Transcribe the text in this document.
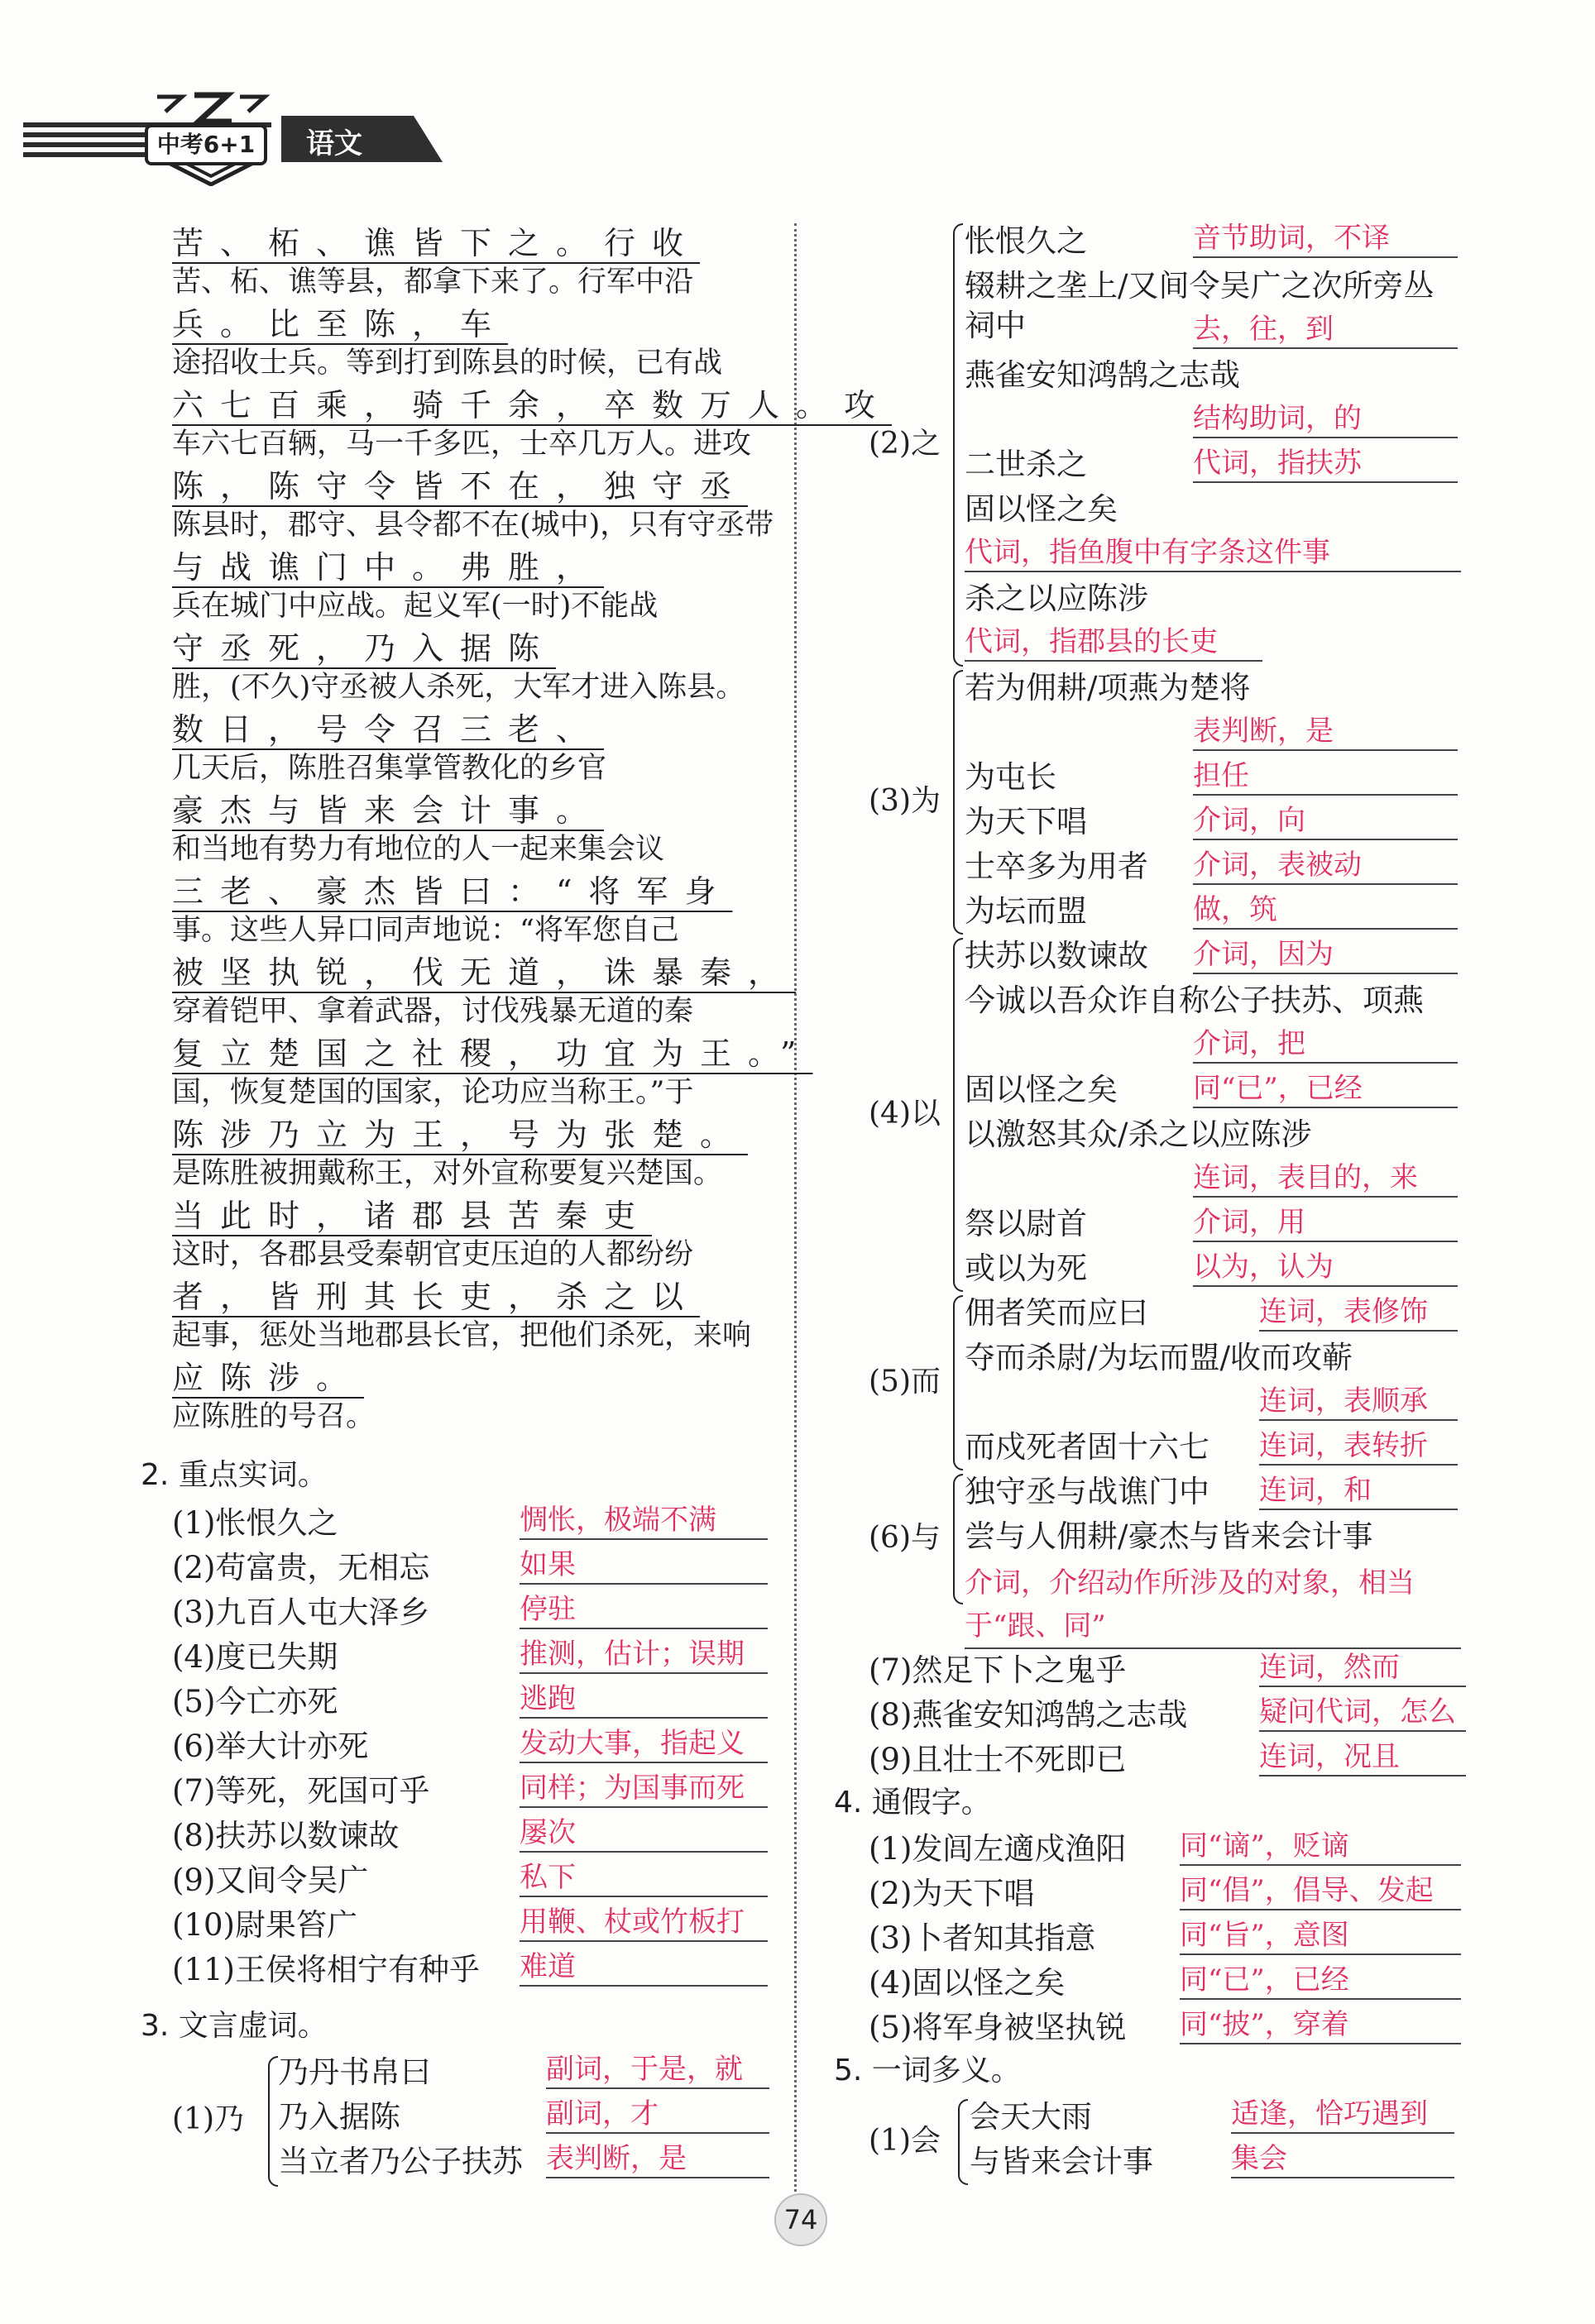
中考6+1	语文
苦、柘、谯皆下之。行收
苦、柘、谯等县，都拿下来了。行军中沿
兵。比至陈，车
途招收士兵。等到打到陈县的时候，已有战
六七百乘，骑千余，卒数万人。攻
车六七百辆，马一千多匹，士卒几万人。进攻
陈，陈守令皆不在，独守丞
陈县时，郡守、县令都不在(城中)，只有守丞带
与战谯门中。弗胜，
兵在城门中应战。起义军(一时)不能战
守丞死，乃入据陈
胜，(不久)守丞被人杀死，大军才进入陈县。
数日，号令召三老、
几天后，陈胜召集掌管教化的乡官
豪杰与皆来会计事。
和当地有势力有地位的人一起来集会议
三老、豪杰皆曰：“将军身
事。这些人异口同声地说：“将军您自己
被坚执锐，伐无道，诛暴秦，
穿着铠甲、拿着武器，讨伐残暴无道的秦
复立楚国之社稷，功宜为王。”
国，恢复楚国的国家，论功应当称王。”于
陈涉乃立为王，号为张楚。
是陈胜被拥戴称王，对外宣称要复兴楚国。
当此时，诸郡县苦秦吏
这时，各郡县受秦朝官吏压迫的人都纷纷
者，皆刑其长吏，杀之以
起事，惩处当地郡县长官，把他们杀死，来响
应陈涉。
应陈胜的号召。
2. 重点实词。
(1)怅恨久之	惆怅，极端不满
(2)苟富贵，无相忘	如果
(3)九百人屯大泽乡	停驻
(4)度已失期	推测，估计；误期
(5)今亡亦死	逃跑
(6)举大计亦死	发动大事，指起义
(7)等死，死国可乎	同样；为国事而死
(8)扶苏以数谏故	屡次
(9)又间令吴广	私下
(10)尉果笞广	用鞭、杖或竹板打
(11)王侯将相宁有种乎 难道
3. 文言虚词。
(1)乃
乃丹书帛曰	副词，于是，就
乃入据陈	副词，才
当立者乃公子扶苏 表判断，是
(2)之
怅恨久之	音节助词，不译
辍耕之垄上/又间令吴广之次所旁丛祠中	去，往，到
燕雀安知鸿鹄之志哉
结构助词，的
二世杀之	代词，指扶苏
固以怪之矣
代词，指鱼腹中有字条这件事
杀之以应陈涉
代词，指郡县的长吏
(3)为
若为佣耕/项燕为楚将
表判断，是
为屯长	担任
为天下唱	介词，向
士卒多为用者 介词，表被动
为坛而盟	做，筑
(4)以
扶苏以数谏故 介词，因为
今诚以吾众诈自称公子扶苏、项燕
介词，把
固以怪之矣	同“已”，已经
以激怒其众/杀之以应陈涉
连词，表目的，来
祭以尉首	介词，用
或以为死	以为，认为
(5)而
佣者笑而应曰	连词，表修饰
夺而杀尉/为坛而盟/收而攻蕲
连词，表顺承
而戍死者固十六七 连词，表转折
(6)与
独守丞与战谯门中 连词，和
尝与人佣耕/豪杰与皆来会计事
介词，介绍动作所涉及的对象，相当于“跟、同”
(7)然足下卜之鬼乎	连词，然而
(8)燕雀安知鸿鹄之志哉	疑问代词，怎么
(9)且壮士不死即已	连词，况且
4. 通假字。
(1)发闾左適戍渔阳 同“谪”，贬谪
(2)为天下唱	同“倡”，倡导、发起
(3)卜者知其指意	同“旨”，意图
(4)固以怪之矣	同“已”，已经
(5)将军身被坚执锐 同“披”，穿着
5. 一词多义。
(1)会
会天大雨	适逢，恰巧遇到
与皆来会计事	集会
74
